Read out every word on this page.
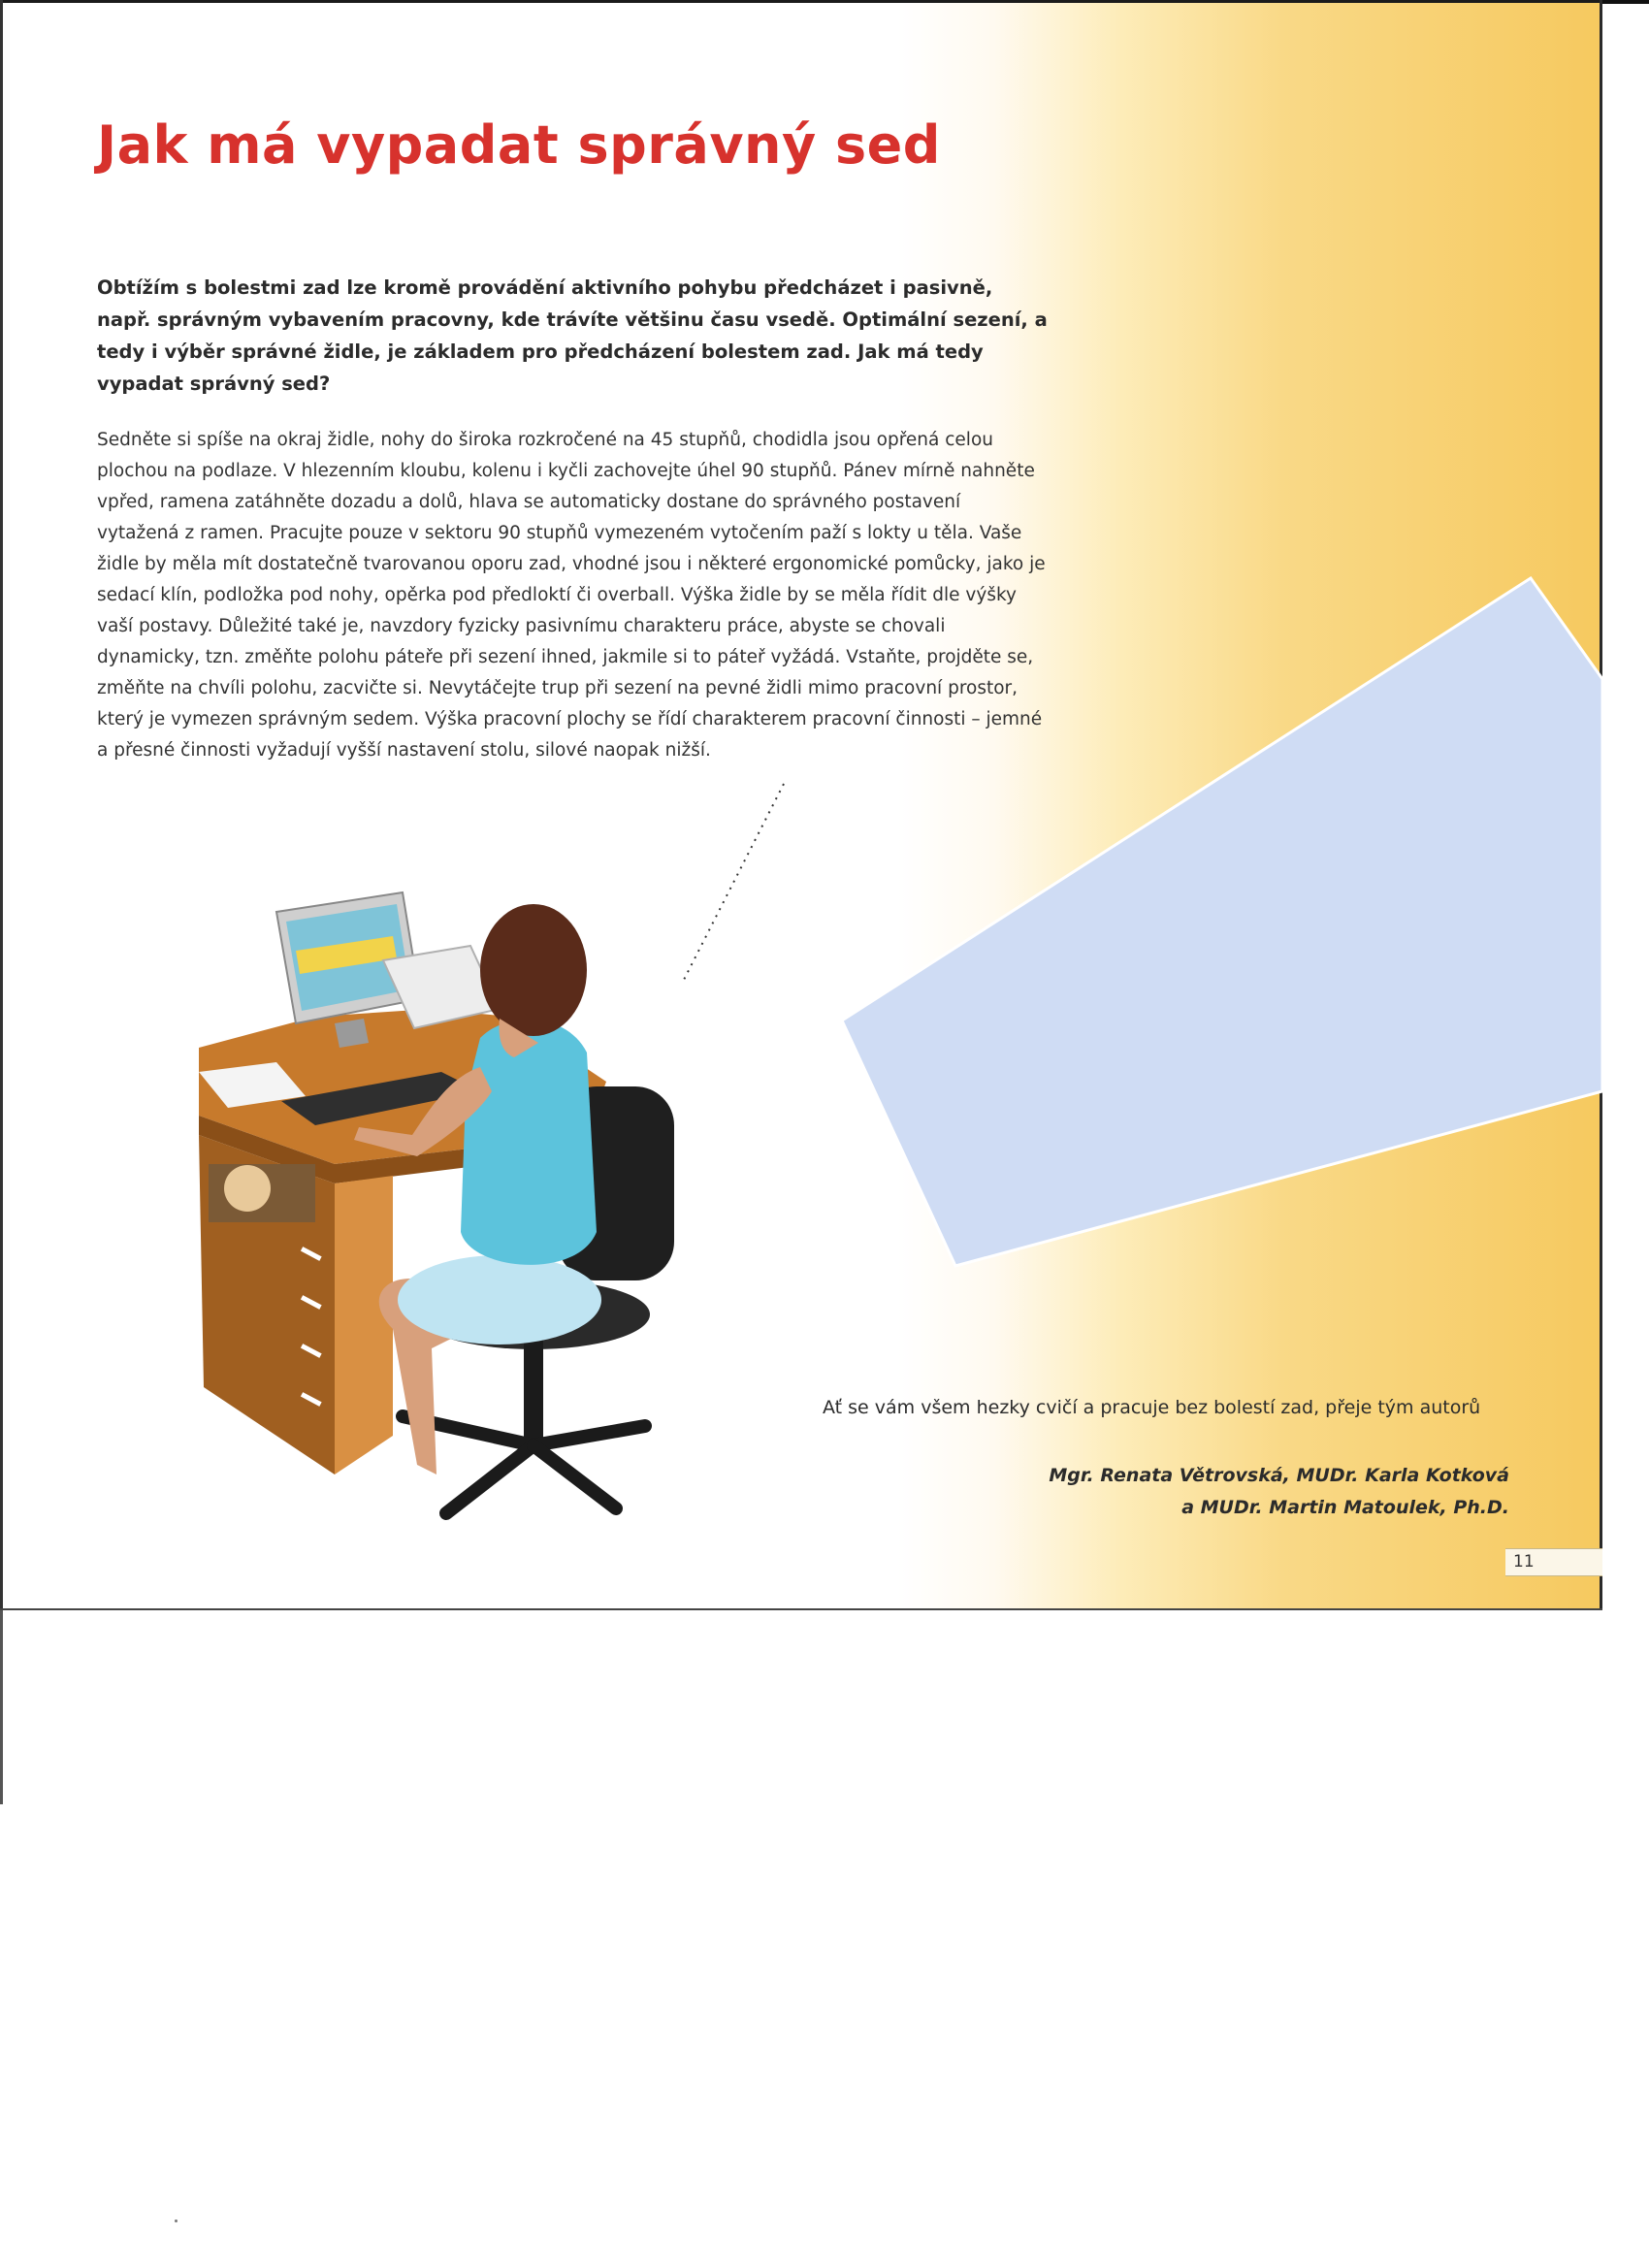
Jak má vypadat správný sed

Obtížím s bolestmi zad lze kromě provádění aktivního pohybu předcházet i pasivně, např. správným vybavením pracovny, kde trávíte většinu času vsedě. Optimální sezení, a tedy i výběr správné židle, je základem pro předcházení bolestem zad. Jak má tedy vypadat správný sed?

Sedněte si spíše na okraj židle, nohy do široka rozkročené na 45 stupňů, chodidla jsou opřená celou plochou na podlaze. V hlezenním kloubu, kolenu i kyčli zachovejte úhel 90 stupňů. Pánev mírně nahněte vpřed, ramena zatáhněte dozadu a dolů, hlava se automaticky dostane do správného postavení vytažená z ramen. Pracujte pouze v sektoru 90 stupňů vymezeném vytočením paží s lokty u těla. Vaše židle by měla mít dostatečně tvarovanou oporu zad, vhodné jsou i některé ergonomické pomůcky, jako je sedací klín, podložka pod nohy, opěrka pod předloktí či overball. Výška židle by se měla řídit dle výšky vaší postavy. Důležité také je, navzdory fyzicky pasivnímu charakteru práce, abyste se chovali dynamicky, tzn. změňte polohu páteře při sezení ihned, jakmile si to páteř vyžádá. Vstaňte, projděte se, změňte na chvíli polohu, zacvičte si. Nevytáčejte trup při sezení na pevné židli mimo pracovní prostor, který je vymezen správným sedem. Výška pracovní plochy se řídí charakterem pracovní činnosti – jemné a přesné činnosti vyžadují vyšší nastavení stolu, silové naopak nižší.

Ať se vám všem hezky cvičí a pracuje bez bolestí zad, přeje tým autorů

Mgr. Renata Větrovská, MUDr. Karla Kotková
a MUDr. Martin Matoulek, Ph.D.

11
